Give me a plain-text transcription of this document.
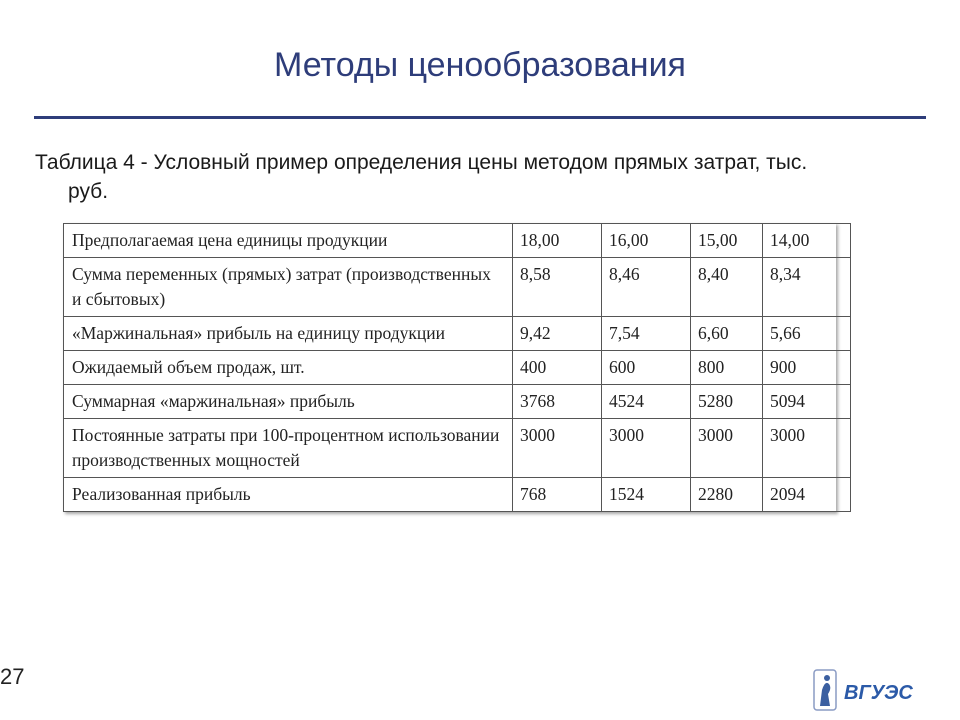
Методы ценообразования
Таблица 4 - Условный пример определения цены методом прямых затрат, тыс.
руб.
Предполагаемая цена единицы продукции	18,00	16,00	15,00	14,00
Сумма переменных (прямых) затрат (производственных и сбытовых)	8,58	8,46	8,40	8,34
«Маржинальная» прибыль на единицу продукции	9,42	7,54	6,60	5,66
Ожидаемый объем продаж, шт.	400	600	800	900
Суммарная «маржинальная» прибыль	3768	4524	5280	5094
Постоянные затраты при 100-процентном использовании производственных мощностей	3000	3000	3000	3000
Реализованная прибыль	768	1524	2280	2094
27
ВГУЭС
